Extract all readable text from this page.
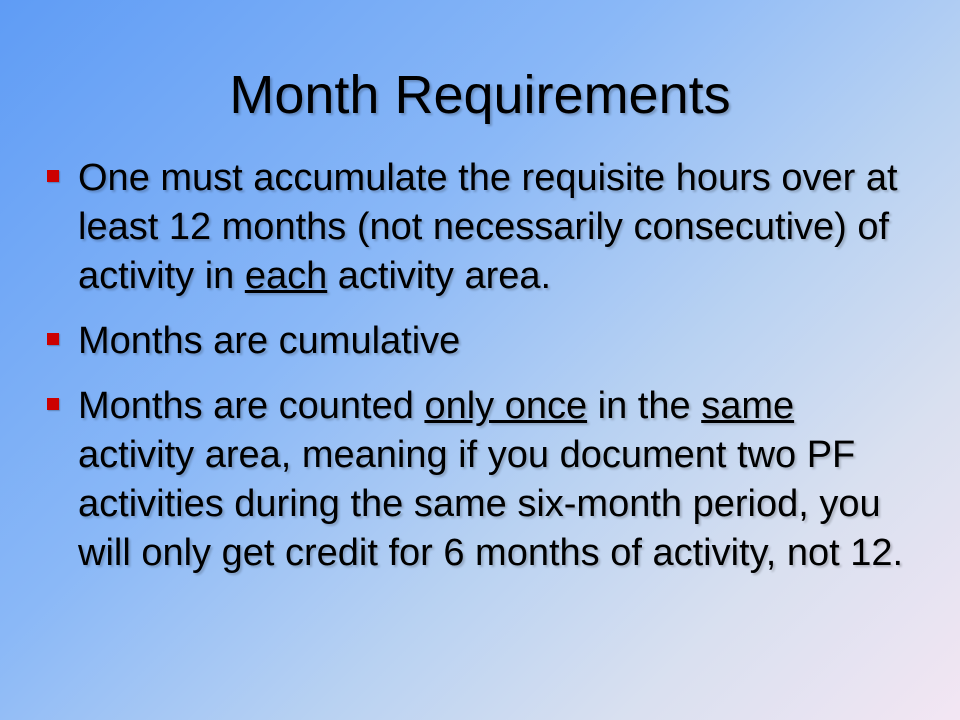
Month Requirements
One must accumulate the requisite hours over at least 12 months (not necessarily consecutive) of activity in each activity area.
Months are cumulative
Months are counted only once in the same activity area, meaning if you document two PF activities during the same six-month period, you will only get credit for 6 months of activity, not 12.
